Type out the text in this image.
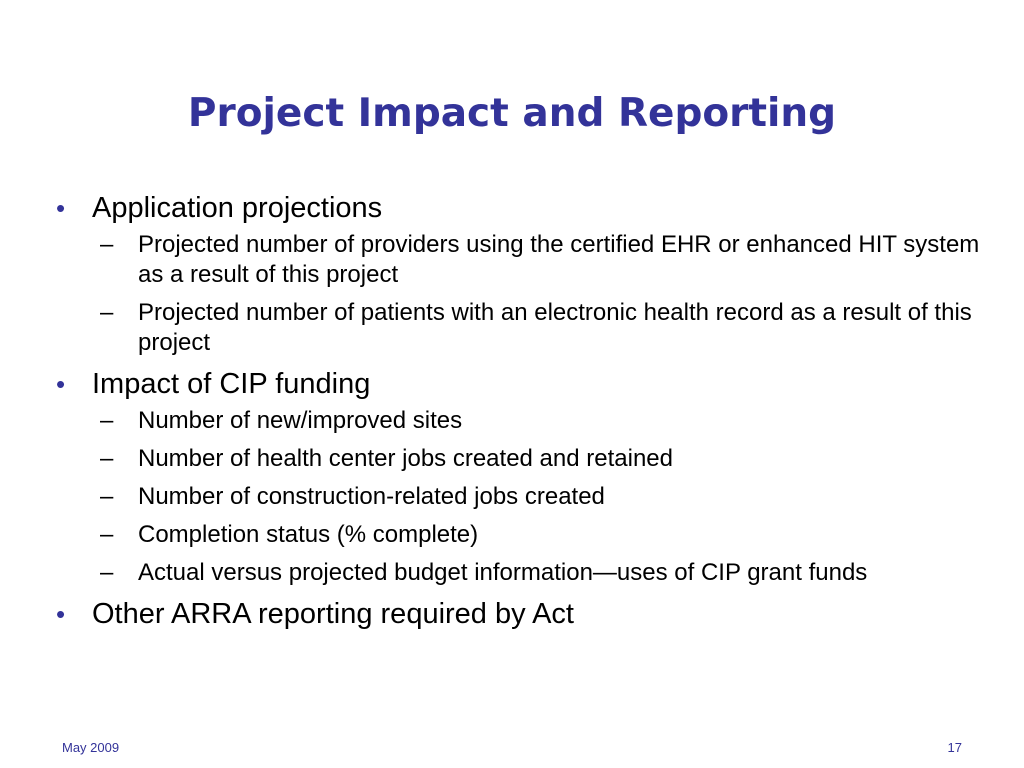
Project Impact and Reporting
• Application projections
–	Projected number of providers using the certified EHR or enhanced HIT system as a result of this project
–	Projected number of patients with an electronic health record as a result of this project
• Impact of CIP funding
–	Number of new/improved sites
–	Number of health center jobs created and retained
–	Number of construction-related jobs created
–	Completion status (% complete)
–	Actual versus projected budget information—uses of CIP grant funds
• Other ARRA reporting required by Act
May 2009	17
